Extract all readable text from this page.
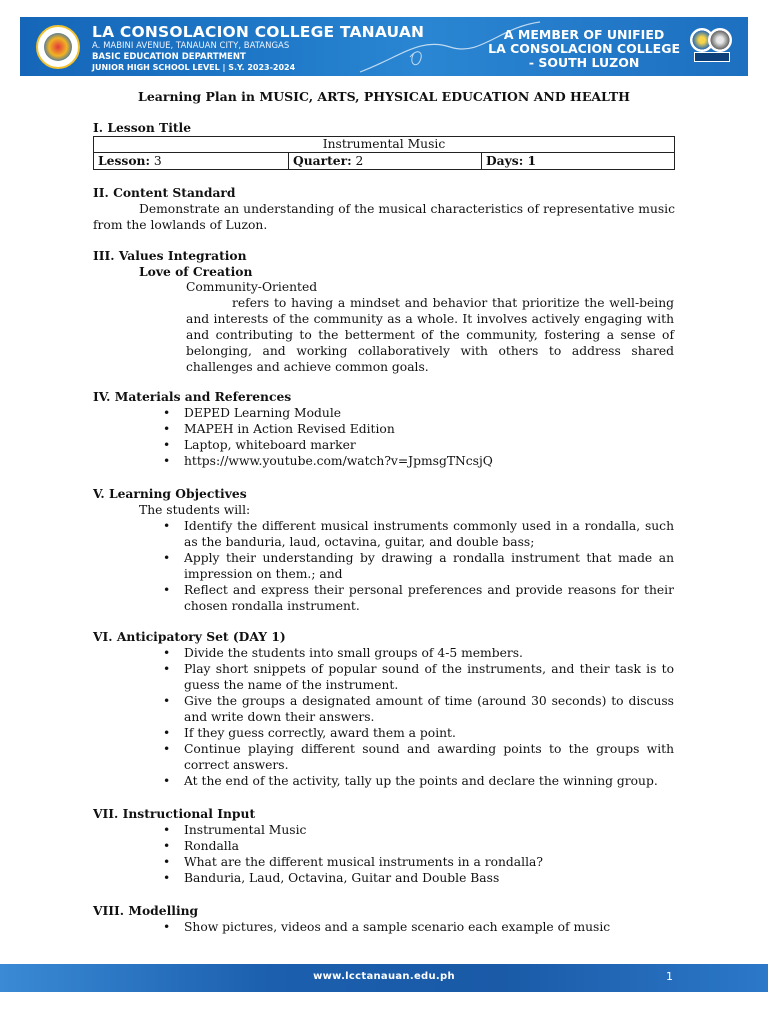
LA CONSOLACION COLLEGE TANAUAN
A. MABINI AVENUE, TANAUAN CITY, BATANGAS
BASIC EDUCATION DEPARTMENT
JUNIOR HIGH SCHOOL LEVEL | S.Y. 2023-2024
A MEMBER OF UNIFIED
LA CONSOLACION COLLEGE
- SOUTH LUZON
Learning Plan in MUSIC, ARTS, PHYSICAL EDUCATION AND HEALTH
I. Lesson Title
Instrumental Music
Lesson: 3	Quarter: 2	Days: 1
II. Content Standard
Demonstrate an understanding of the musical characteristics of representative music from the lowlands of Luzon.
III. Values Integration
Love of Creation
Community-Oriented
refers to having a mindset and behavior that prioritize the well-being and interests of the community as a whole. It involves actively engaging with and contributing to the betterment of the community, fostering a sense of belonging, and working collaboratively with others to address shared challenges and achieve common goals.
IV. Materials and References
• DEPED Learning Module
• MAPEH in Action Revised Edition
• Laptop, whiteboard marker
• https://www.youtube.com/watch?v=JpmsgTNcsjQ
V. Learning Objectives
The students will:
• Identify the different musical instruments commonly used in a rondalla, such as the banduria, laud, octavina, guitar, and double bass;
• Apply their understanding by drawing a rondalla instrument that made an impression on them.; and
• Reflect and express their personal preferences and provide reasons for their chosen rondalla instrument.
VI. Anticipatory Set (DAY 1)
• Divide the students into small groups of 4-5 members.
• Play short snippets of popular sound of the instruments, and their task is to guess the name of the instrument.
• Give the groups a designated amount of time (around 30 seconds) to discuss and write down their answers.
• If they guess correctly, award them a point.
• Continue playing different sound and awarding points to the groups with correct answers.
• At the end of the activity, tally up the points and declare the winning group.
VII. Instructional Input
• Instrumental Music
• Rondalla
• What are the different musical instruments in a rondalla?
• Banduria, Laud, Octavina, Guitar and Double Bass
VIII. Modelling
• Show pictures, videos and a sample scenario each example of music
www.lcctanauan.edu.ph	1
